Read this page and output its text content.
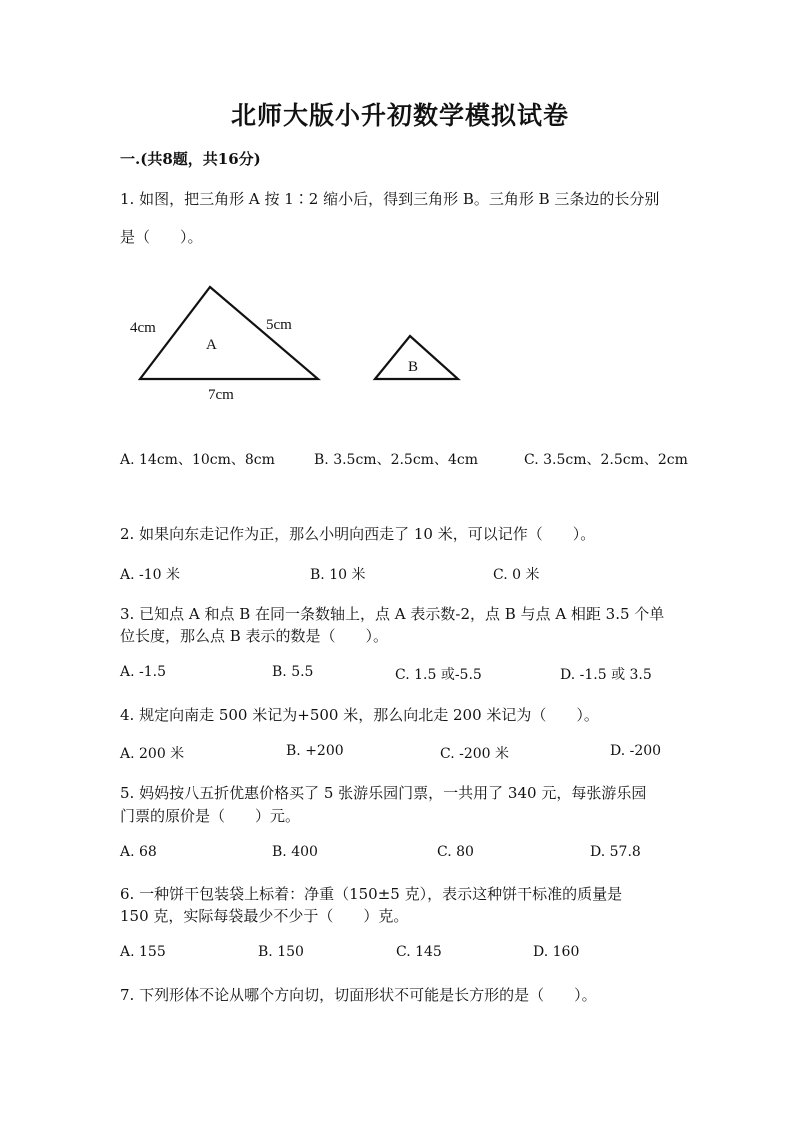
北师大版小升初数学模拟试卷
一.(共8题，共16分)
1. 如图，把三角形 A 按 1∶2 缩小后，得到三角形 B。三角形 B 三条边的长分别
是（　　）。
A
4cm	5cm
7cm
B
A. 14cm、10cm、8cm	B. 3.5cm、2.5cm、4cm	C. 3.5cm、2.5cm、2cm
2. 如果向东走记作为正，那么小明向西走了 10 米，可以记作（　　）。
A. -10 米	B. 10 米	C. 0 米
3. 已知点 A 和点 B 在同一条数轴上，点 A 表示数-2，点 B 与点 A 相距 3.5 个单
位长度，那么点 B 表示的数是（　　）。
A. -1.5	B. 5.5	C. 1.5 或-5.5	D. -1.5 或 3.5
4. 规定向南走 500 米记为+500 米，那么向北走 200 米记为（　　）。
A. 200 米	B. +200	C. -200 米	D. -200
5. 妈妈按八五折优惠价格买了 5 张游乐园门票，一共用了 340 元，每张游乐园
门票的原价是（　　）元。
A. 68	B. 400	C. 80	D. 57.8
6. 一种饼干包装袋上标着：净重（150±5 克），表示这种饼干标准的质量是
150 克，实际每袋最少不少于（　　）克。
A. 155	B. 150	C. 145	D. 160
7. 下列形体不论从哪个方向切，切面形状不可能是长方形的是（　　）。
